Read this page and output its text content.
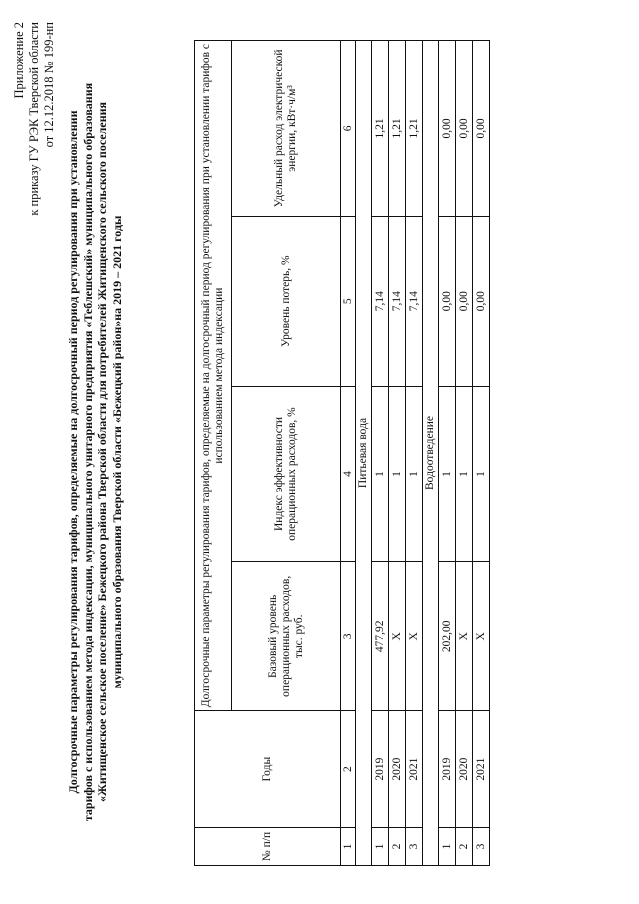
Приложение 2 к приказу ГУ РЭК Тверской области от 12.12.2018 № 199-нп
Долгосрочные параметры регулирования тарифов, определяемые на долгосрочный период регулирования при установлении тарифов с использованием метода индексации, муниципального унитарного предприятия «Теблешский» муниципального образования «Житищенское сельское поселение» Бежецкого района Тверской области для потребителей Житищенского сельского поселения муниципального образования Тверской области «Бежецкий район»на 2019 – 2021 годы
№ п/п	Годы	Долгосрочные параметры регулирования тарифов, определяемые на долгосрочный период регулирования при установлении тарифов с использованием метода индексации			
		Базовый уровень операционных расходов, тыс. руб.	Индекс эффективности операционных расходов, %	Уровень потерь, %	Удельный расход электрической энергии, кВт·ч/м³
1	2	3	4	5	6
Питьевая вода					
1	2019	477,92	1	7,14	1,21
2	2020	Х	1	7,14	1,21
3	2021	Х	1	7,14	1,21
Водоотведение					
1	2019	202,00	1	0,00	0,00
2	2020	Х	1	0,00	0,00
3	2021	Х	1	0,00	0,00
